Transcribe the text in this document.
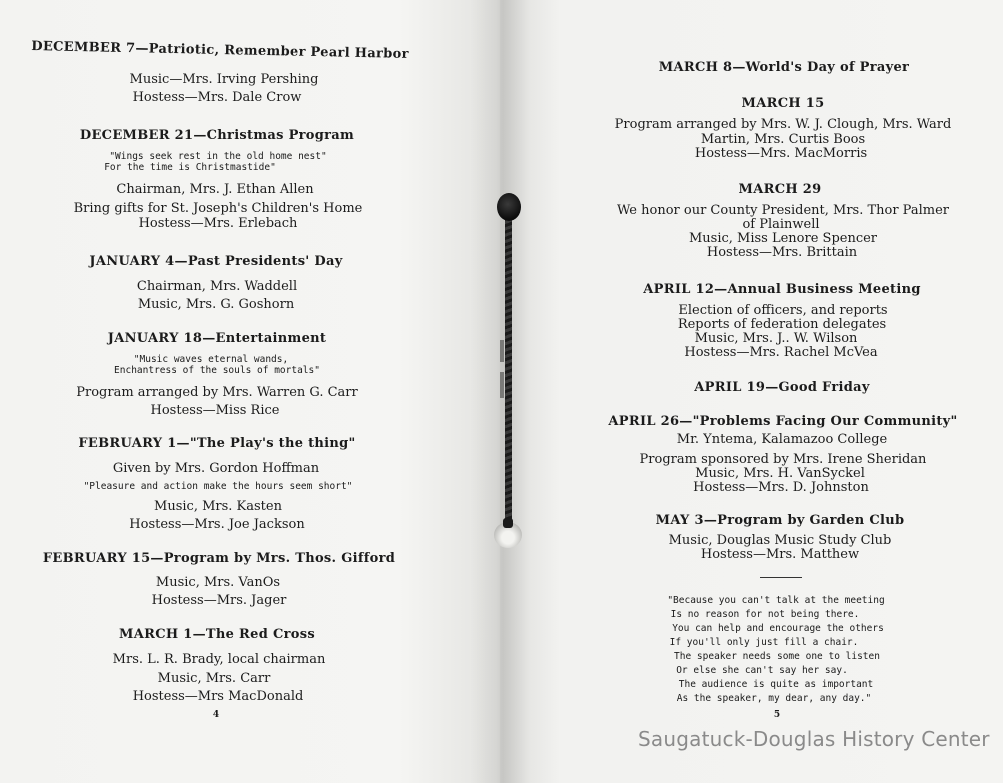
DECEMBER 7—Patriotic, Remember Pearl Harbor
Music—Mrs. Irving Pershing
Hostess—Mrs. Dale Crow
DECEMBER 21—Christmas Program
"Wings seek rest in the old home nest"
For the time is Christmastide"
Chairman, Mrs. J. Ethan Allen
Bring gifts for St. Joseph's Children's Home
Hostess—Mrs. Erlebach
JANUARY 4—Past Presidents' Day
Chairman, Mrs. Waddell
Music, Mrs. G. Goshorn
JANUARY 18—Entertainment
"Music waves eternal wands,
Enchantress of the souls of mortals"
Program arranged by Mrs. Warren G. Carr
Hostess—Miss Rice
FEBRUARY 1—"The Play's the thing"
Given by Mrs. Gordon Hoffman
"Pleasure and action make the hours seem short"
Music, Mrs. Kasten
Hostess—Mrs. Joe Jackson
FEBRUARY 15—Program by Mrs. Thos. Gifford
Music, Mrs. VanOs
Hostess—Mrs. Jager
MARCH 1—The Red Cross
Mrs. L. R. Brady, local chairman
Music, Mrs. Carr
Hostess—Mrs MacDonald
4
MARCH 8—World's Day of Prayer
MARCH 15
Program arranged by Mrs. W. J. Clough, Mrs. Ward
Martin, Mrs. Curtis Boos
Hostess—Mrs. MacMorris
MARCH 29
We honor our County President, Mrs. Thor Palmer
of Plainwell
Music, Miss Lenore Spencer
Hostess—Mrs. Brittain
APRIL 12—Annual Business Meeting
Election of officers, and reports
Reports of federation delegates
Music, Mrs. J.. W. Wilson
Hostess—Mrs. Rachel McVea
APRIL 19—Good Friday
APRIL 26—"Problems Facing Our Community"
Mr. Yntema, Kalamazoo College
Program sponsored by Mrs. Irene Sheridan
Music, Mrs. H. VanSyckel
Hostess—Mrs. D. Johnston
MAY 3—Program by Garden Club
Music, Douglas Music Study Club
Hostess—Mrs. Matthew
"Because you can't talk at the meeting
Is no reason for not being there.
You can help and encourage the others
If you'll only just fill a chair.
The speaker needs some one to listen
Or else she can't say her say.
The audience is quite as important
As the speaker, my dear, any day."
5
Saugatuck-Douglas History Center
